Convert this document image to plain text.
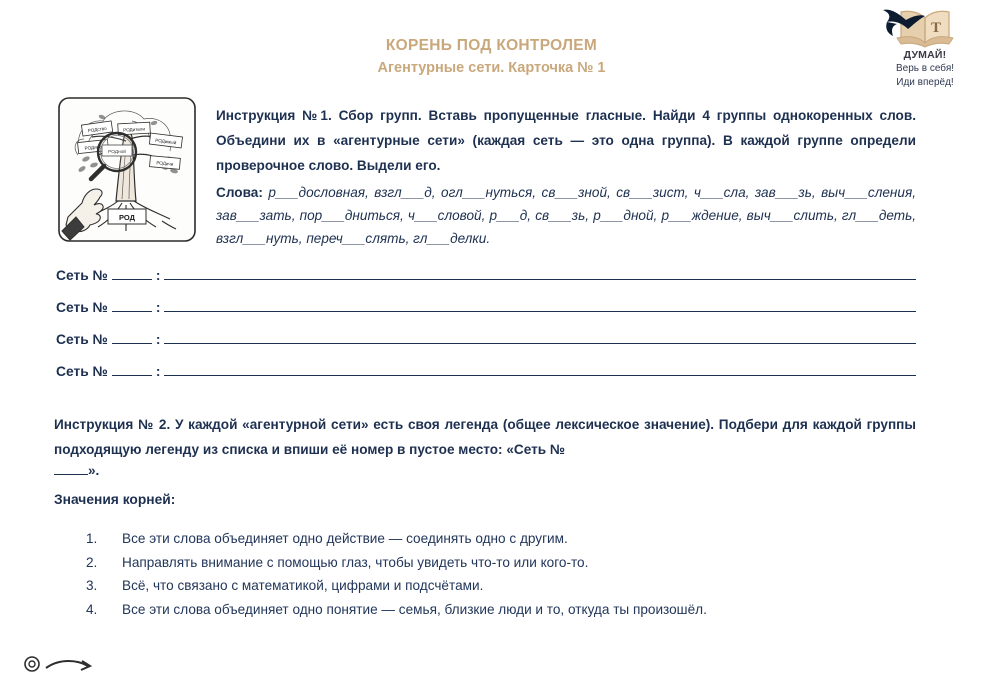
Т
ДУМАЙ!
Верь в себя!
Иди вперёд!
КОРЕНЬ ПОД КОНТРОЛЕМ
Агентурные сети. Карточка № 1
РОДина
РОДители
РОДство
РОДимый
РОДичи
РОДной
РОД
Инструкция №1. Сбор групп. Вставь пропущенные гласные. Найди 4 группы однокоренных слов. Объедини их в «агентурные сети» (каждая сеть — это одна группа). В каждой группе определи проверочное слово. Выдели его.
Слова: р___дословная, взгл___д, огл___нуться, св___зной, св___зист, ч___сла, зав___зь, выч___сления, зав___зать, пор___дниться, ч___словой, р___д, св___зь, р___дной, р___ждение, выч___слить, гл___деть, взгл___нуть, переч___слять, гл___делки.
Сеть №	:
Сеть №	:
Сеть №	:
Сеть №	:
Инструкция № 2. У каждой «агентурной сети» есть своя легенда (общее лексическое значение). Подбери для каждой группы подходящую легенду из списка и впиши её номер в пустое место: «Сеть №
».
Значения корней:
1.	Все эти слова объединяет одно действие — соединять одно с другим.
2.	Направлять внимание с помощью глаз, чтобы увидеть что-то или кого-то.
3.	Всё, что связано с математикой, цифрами и подсчётами.
4.	Все эти слова объединяет одно понятие — семья, близкие люди и то, откуда ты произошёл.
